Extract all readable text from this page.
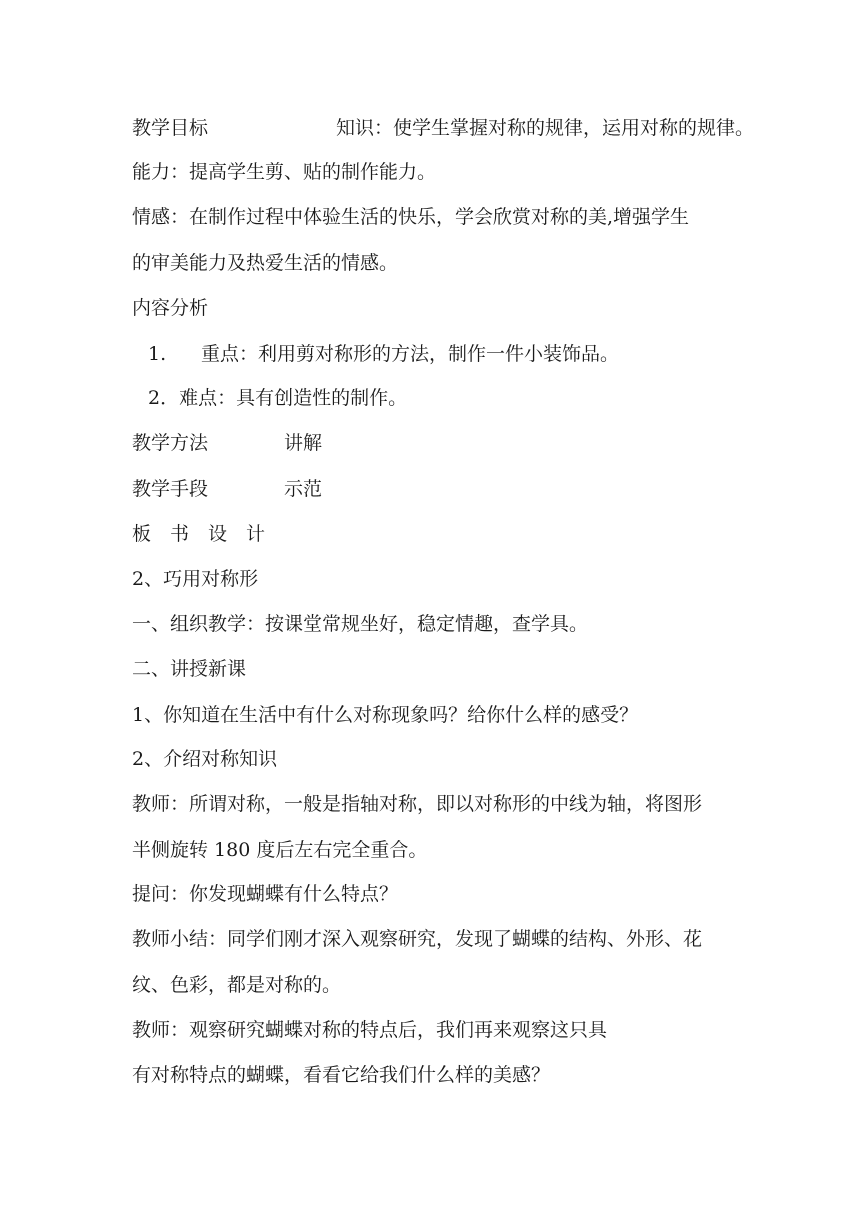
教学目标	知识：使学生掌握对称的规律，运用对称的规律。
能力：提高学生剪、贴的制作能力。
情感：在制作过程中体验生活的快乐，学会欣赏对称的美,增强学生
的审美能力及热爱生活的情感。
内容分析
1. 重点：利用剪对称形的方法，制作一件小装饰品。
2．难点：具有创造性的制作。
教学方法	讲解
教学手段	示范
板书设计
2、巧用对称形
一、组织教学：按课堂常规坐好，稳定情趣，查学具。
二、讲授新课
1、你知道在生活中有什么对称现象吗？给你什么样的感受？
2、介绍对称知识
教师：所谓对称，一般是指轴对称，即以对称形的中线为轴，将图形
半侧旋转 180 度后左右完全重合。
提问：你发现蝴蝶有什么特点？
教师小结：同学们刚才深入观察研究，发现了蝴蝶的结构、外形、花
纹、色彩，都是对称的。
教师：观察研究蝴蝶对称的特点后，我们再来观察这只具
有对称特点的蝴蝶，看看它给我们什么样的美感？
